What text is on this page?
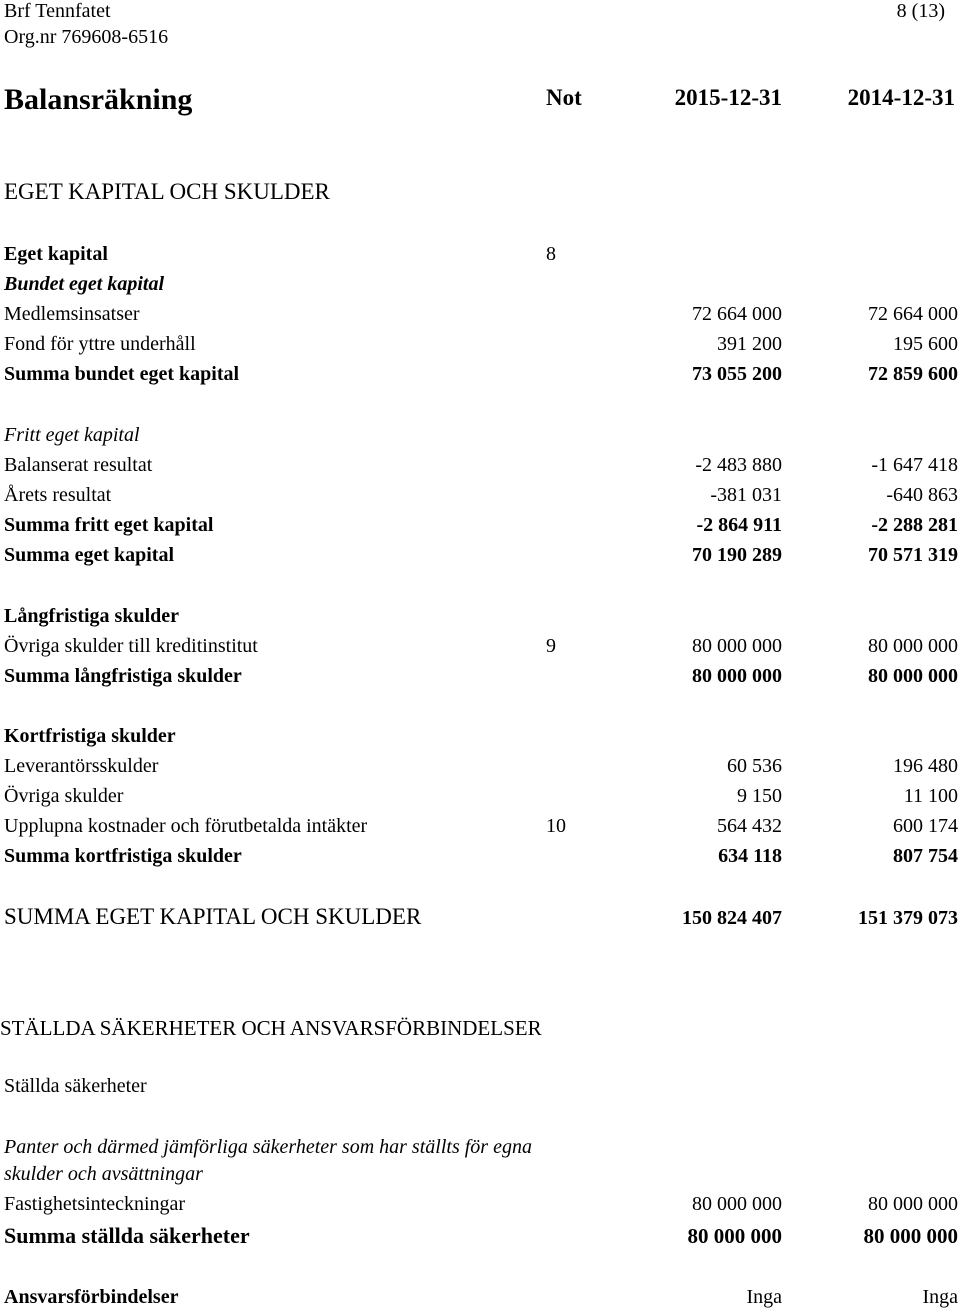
Brf Tennfatet
Org.nr 769608-6516
8 (13)
Balansräkning	Not	2015-12-31	2014-12-31
EGET KAPITAL OCH SKULDER
Eget kapital	8
Bundet eget kapital
Medlemsinsatser	72 664 000	72 664 000
Fond för yttre underhåll	391 200	195 600
Summa bundet eget kapital	73 055 200	72 859 600
Fritt eget kapital
Balanserat resultat	-2 483 880	-1 647 418
Årets resultat	-381 031	-640 863
Summa fritt eget kapital	-2 864 911	-2 288 281
Summa eget kapital	70 190 289	70 571 319
Långfristiga skulder
Övriga skulder till kreditinstitut	9	80 000 000	80 000 000
Summa långfristiga skulder	80 000 000	80 000 000
Kortfristiga skulder
Leverantörsskulder	60 536	196 480
Övriga skulder	9 150	11 100
Upplupna kostnader och förutbetalda intäkter	10	564 432	600 174
Summa kortfristiga skulder	634 118	807 754
SUMMA EGET KAPITAL OCH SKULDER	150 824 407	151 379 073
STÄLLDA SÄKERHETER OCH ANSVARSFÖRBINDELSER
Ställda säkerheter
Panter och därmed jämförliga säkerheter som har ställts för egna
skulder och avsättningar
Fastighetsinteckningar	80 000 000	80 000 000
Summa ställda säkerheter	80 000 000	80 000 000
Ansvarsförbindelser	Inga	Inga
